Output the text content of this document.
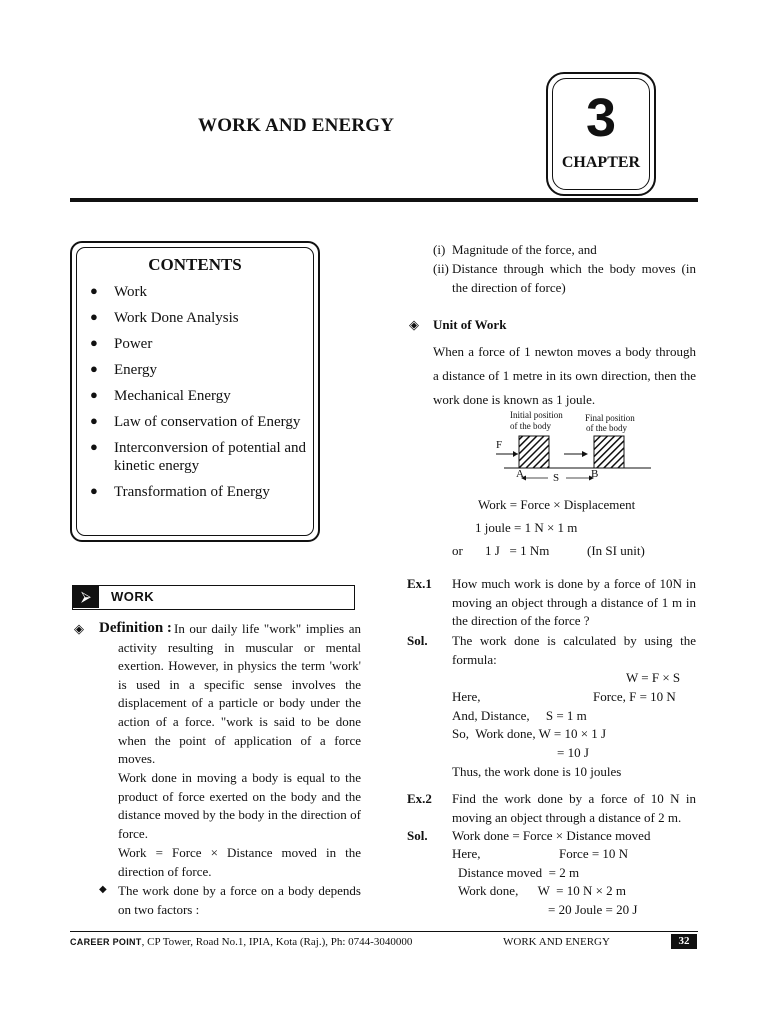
WORK AND ENERGY	3
CHAPTER
CONTENTS
● Work
● Work Done Analysis
● Power
● Energy
● Mechanical Energy
● Law of conservation of Energy
● Interconversion of potential and kinetic energy
● Transformation of Energy
⮚	WORK
◈ Definition : In our daily life "work" implies an activity resulting in muscular or mental exertion. However, in physics the term 'work' is used in a specific sense involves the displacement of a particle or body under the action of a force. "work is said to be done when the point of application of a force moves.
Work done in moving a body is equal to the product of force exerted on the body and the distance moved by the body in the direction of force.
Work = Force × Distance moved in the direction of force.
◆ The work done by a force on a body depends on two factors :
(i) Magnitude of the force, and
(ii) Distance through which the body moves (in the direction of force)
◈ Unit of Work
When a force of 1 newton moves a body through a distance of 1 metre in its own direction, then the work done is known as 1 joule.
Initial position
of the body
Final position
of the body
F
A	B
S
Work = Force × Displacement
1 joule = 1 N × 1 m
or 1 J   = 1 Nm	(In SI unit)
Ex.1 How much work is done by a force of 10N in moving an object through a distance of 1 m in the direction of the force ?
Sol. The work done is calculated by using the formula:
W = F × S
Here,	Force, F = 10 N
And, Distance,     S = 1 m
So,  Work done, W = 10 × 1 J
= 10 J
Thus, the work done is 10 joules
Ex.2 Find the work done by a force of 10 N in moving an object through a distance of 2 m.
Sol. Work done = Force × Distance moved
Here,	Force = 10 N
Distance moved  = 2 m
Work done,      W  = 10 N × 2 m
= 20 Joule = 20 J
CAREER POINT, CP Tower, Road No.1, IPIA, Kota (Raj.), Ph: 0744-3040000	WORK AND ENERGY	32
